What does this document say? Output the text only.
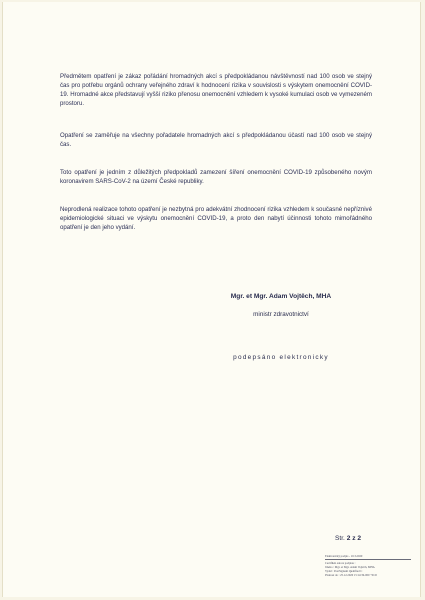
Předmětem opatření je zákaz pořádání hromadných akcí s předpokládanou návštěvností nad 100 osob ve stejný čas pro potřebu orgánů ochrany veřejného zdraví k hodnocení rizika v souvislosti s výskytem onemocnění COVID-19. Hromadné akce představují vyšší riziko přenosu onemocnění vzhledem k vysoké kumulaci osob ve vymezeném prostoru.

Opatření se zaměřuje na všechny pořadatele hromadných akcí s předpokládanou účastí nad 100 osob ve stejný čas.

Toto opatření je jedním z důležitých předpokladů zamezení šíření onemocnění COVID-19 způsobeného novým koronavirem SARS-CoV-2 na území České republiky.

Neprodlená realizace tohoto opatření je nezbytná pro adekvátní zhodnocení rizika vzhledem k současné nepříznivé epidemiologické situaci ve výskytu onemocnění COVID-19, a proto den nabytí účinnosti tohoto mimořádného opatření je den jeho vydání.

Mgr. et Mgr. Adam Vojtěch, MHA
ministr zdravotnictví
podepsáno elektronicky
Str. 2 z 2
Elektronický podpis - 10.3.2020
Certifikát autora podpisu :
Jméno : Mgr. et Mgr. Adam Vojtěch, MHA
Vydal : PostSignum Qualified C
Platnost do : 25.12.2020 15:14:39-000 +01:0
